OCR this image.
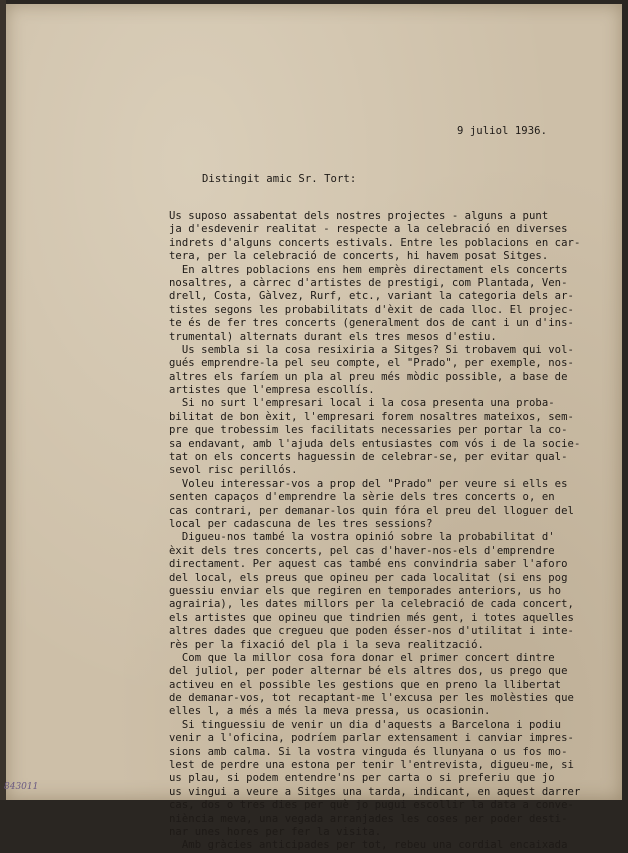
9 juliol 1936.

Distingit amic Sr. Tort:

Us suposo assabentat dels nostres projectes - alguns a punt
ja d'esdevenir realitat - respecte a la celebració en diverses
indrets d'alguns concerts estivals. Entre les poblacions en car-
tera, per la celebració de concerts, hi havem posat Sitges.
En altres poblacions ens hem emprès directament els concerts
nosaltres, a càrrec d'artistes de prestigi, com Plantada, Ven-
drell, Costa, Gàlvez, Rurf, etc., variant la categoria dels ar-
tistes segons les probabilitats d'èxit de cada lloc. El projec-
te és de fer tres concerts (generalment dos de cant i un d'ins-
trumental) alternats durant els tres mesos d'estiu.
Us sembla si la cosa resixiria a Sitges? Si trobavem qui vol-
gués emprendre-la pel seu compte, el "Prado", per exemple, nos-
altres els faríem un pla al preu més mòdic possible, a base de
artistes que l'empresa escollís.
Si no surt l'empresari local i la cosa presenta una proba-
bilitat de bon èxit, l'empresari forem nosaltres mateixos, sem-
pre que trobessim les facilitats necessaries per portar la co-
sa endavant, amb l'ajuda dels entusiastes com vós i de la socie-
tat on els concerts haguessin de celebrar-se, per evitar qual-
sevol risc perillós.
Voleu interessar-vos a prop del "Prado" per veure si ells es
senten capaços d'emprendre la sèrie dels tres concerts o, en
cas contrari, per demanar-los quin fóra el preu del lloguer del
local per cadascuna de les tres sessions?
Digueu-nos també la vostra opinió sobre la probabilitat d'
èxit dels tres concerts, pel cas d'haver-nos-els d'emprendre
directament. Per aquest cas també ens convindria saber l'aforo
del local, els preus que opineu per cada localitat (si ens pog
guessiu enviar els que regiren en temporades anteriors, us ho
agrairia), les dates millors per la celebració de cada concert,
els artistes que opineu que tindrien més gent, i totes aquelles
altres dades que cregueu que poden ésser-nos d'utilitat i inte-
rès per la fixació del pla i la seva realització.
Com que la millor cosa fora donar el primer concert dintre
del juliol, per poder alternar bé els altres dos, us prego que
activeu en el possible les gestions que en preno la llibertat
de demanar-vos, tot recaptant-me l'excusa per les molèsties que
elles l, a més a més la meva pressa, us ocasionin.
Si tinguessiu de venir un dia d'aquests a Barcelona i podiu
venir a l'oficina, podríem parlar extensament i canviar impres-
sions amb calma. Si la vostra vinguda és llunyana o us fos mo-
lest de perdre una estona per tenir l'entrevista, digueu-me, si
us plau, si podem entendre'ns per carta o si preferiu que jo
us vingui a veure a Sitges una tarda, indicant, en aquest darrer
cas, dos o tres dies per què jo pugui escollir la data a conve-
niència meva, una vegada arranjades les coses per poder desti-
nar unes hores per fer la visita.
Amb gràcies anticipades per tot, rebeu una cordial encaixada
843011
